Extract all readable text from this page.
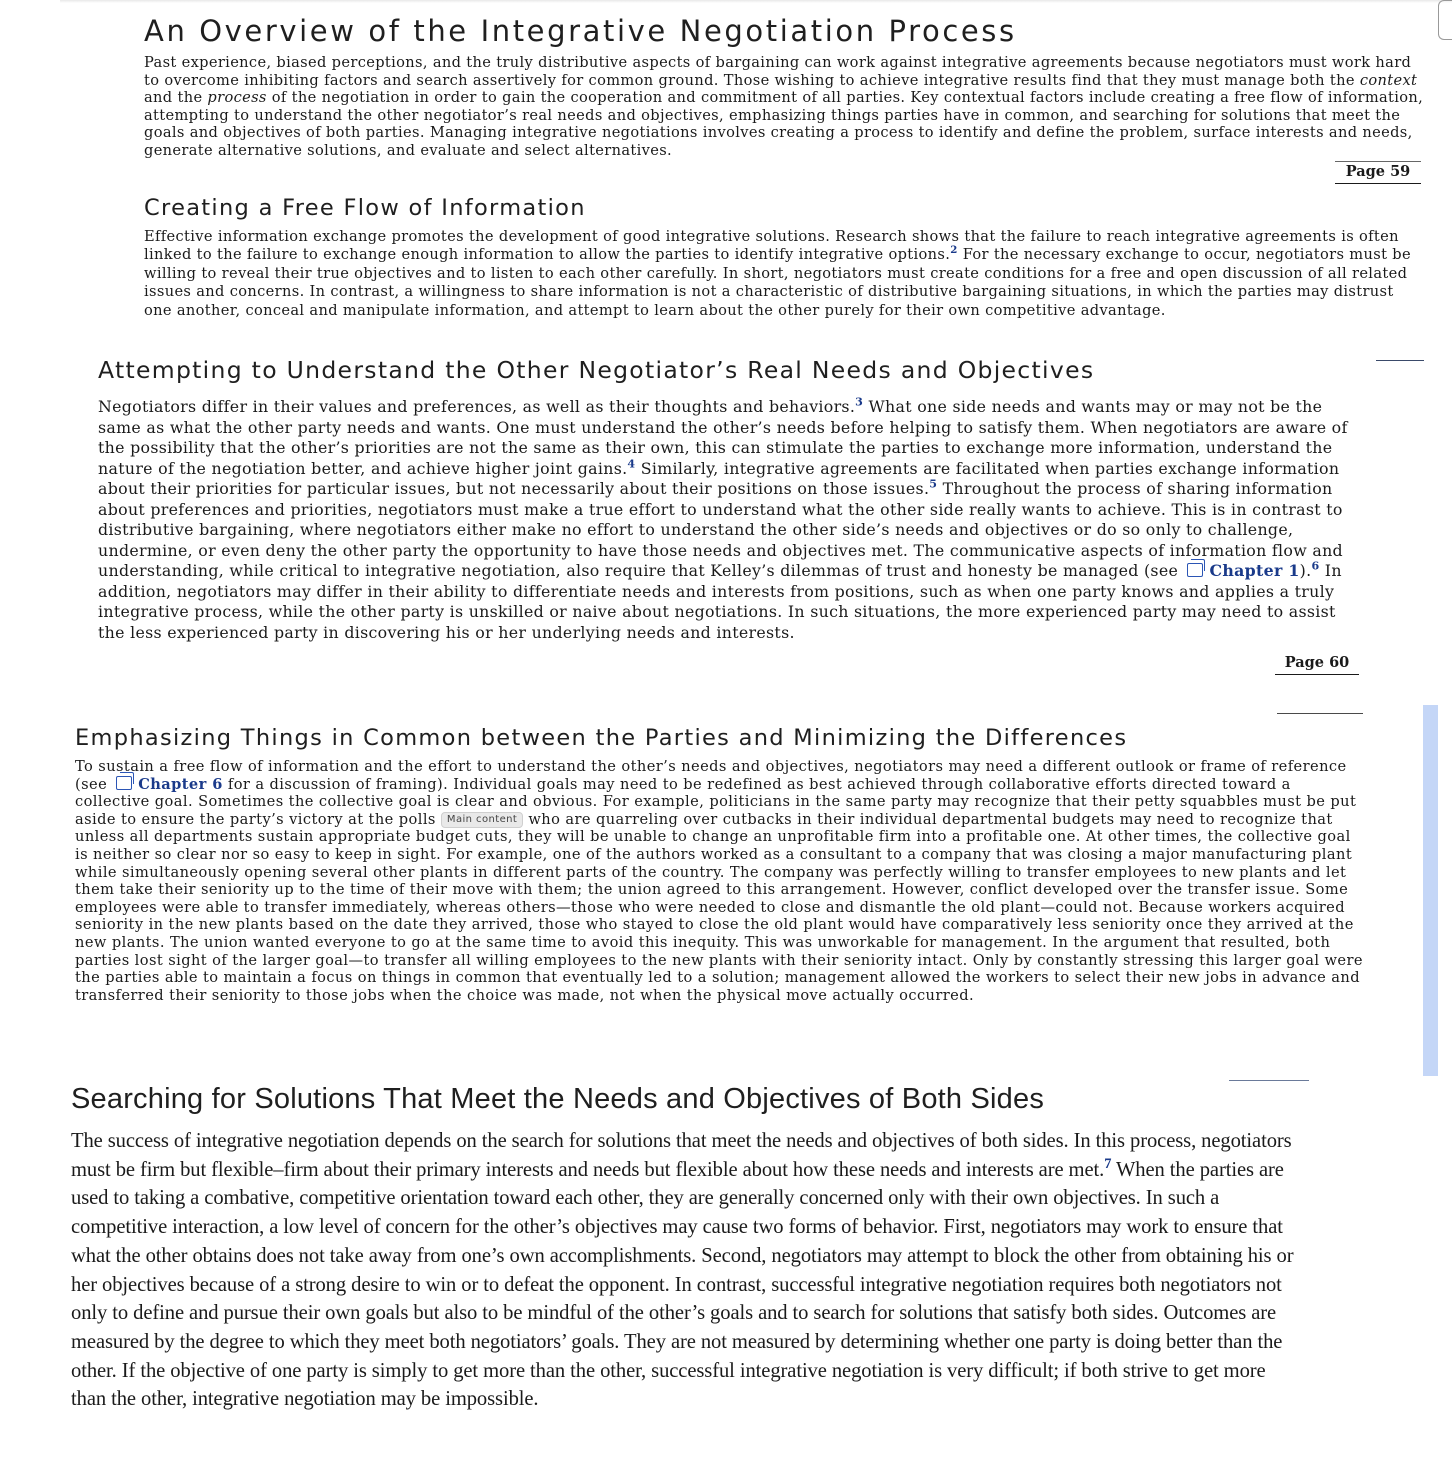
An Overview of the Integrative Negotiation Process

Past experience, biased perceptions, and the truly distributive aspects of bargaining can work against integrative agreements because negotiators must work hard to overcome inhibiting factors and search assertively for common ground. Those wishing to achieve integrative results find that they must manage both the context and the process of the negotiation in order to gain the cooperation and commitment of all parties. Key contextual factors include creating a free flow of information, attempting to understand the other negotiator’s real needs and objectives, emphasizing things parties have in common, and searching for solutions that meet the goals and objectives of both parties. Managing integrative negotiations involves creating a process to identify and define the problem, surface interests and needs, generate alternative solutions, and evaluate and select alternatives.

Page 59
Creating a Free Flow of Information

Effective information exchange promotes the development of good integrative solutions. Research shows that the failure to reach integrative agreements is often linked to the failure to exchange enough information to allow the parties to identify integrative options.$^2$ For the necessary exchange to occur, negotiators must be willing to reveal their true objectives and to listen to each other carefully. In short, negotiators must create conditions for a free and open discussion of all related issues and concerns. In contrast, a willingness to share information is not a characteristic of distributive bargaining situations, in which the parties may distrust one another, conceal and manipulate information, and attempt to learn about the other purely for their own competitive advantage.

Attempting to Understand the Other Negotiator’s Real Needs and Objectives

Negotiators differ in their values and preferences, as well as their thoughts and behaviors.$^3$ What one side needs and wants may or may not be the same as what the other party needs and wants. One must understand the other’s needs before helping to satisfy them. When negotiators are aware of the possibility that the other’s priorities are not the same as their own, this can stimulate the parties to exchange more information, understand the nature of the negotiation better, and achieve higher joint gains.$^4$ Similarly, integrative agreements are facilitated when parties exchange information about their priorities for particular issues, but not necessarily about their positions on those issues.$^5$ Throughout the process of sharing information about preferences and priorities, negotiators must make a true effort to understand what the other side really wants to achieve. This is in contrast to distributive bargaining, where negotiators either make no effort to understand the other side’s needs and objectives or do so only to challenge, undermine, or even deny the other party the opportunity to have those needs and objectives met. The communicative aspects of information flow and understanding, while critical to integrative negotiation, also require that Kelley’s dilemmas of trust and honesty be managed (see Chapter 1).$^6$ In addition, negotiators may differ in their ability to differentiate needs and interests from positions, such as when one party knows and applies a truly integrative process, while the other party is unskilled or naive about negotiations. In such situations, the more experienced party may need to assist the less experienced party in discovering his or her underlying needs and interests.

Page 60
Emphasizing Things in Common between the Parties and Minimizing the Differences

To sustain a free flow of information and the effort to understand the other’s needs and objectives, negotiators may need a different outlook or frame of reference (see Chapter 6 for a discussion of framing). Individual goals may need to be redefined as best achieved through collaborative efforts directed toward a collective goal. Sometimes the collective goal is clear and obvious. For example, politicians in the same party may recognize that their petty squabbles must be put aside to ensure the party’s victory at the polls Main content who are quarreling over cutbacks in their individual departmental budgets may need to recognize that unless all departments sustain appropriate budget cuts, they will be unable to change an unprofitable firm into a profitable one. At other times, the collective goal is neither so clear nor so easy to keep in sight. For example, one of the authors worked as a consultant to a company that was closing a major manufacturing plant while simultaneously opening several other plants in different parts of the country. The company was perfectly willing to transfer employees to new plants and let them take their seniority up to the time of their move with them; the union agreed to this arrangement. However, conflict developed over the transfer issue. Some employees were able to transfer immediately, whereas others—those who were needed to close and dismantle the old plant—could not. Because workers acquired seniority in the new plants based on the date they arrived, those who stayed to close the old plant would have comparatively less seniority once they arrived at the new plants. The union wanted everyone to go at the same time to avoid this inequity. This was unworkable for management. In the argument that resulted, both parties lost sight of the larger goal—to transfer all willing employees to the new plants with their seniority intact. Only by constantly stressing this larger goal were the parties able to maintain a focus on things in common that eventually led to a solution; management allowed the workers to select their new jobs in advance and transferred their seniority to those jobs when the choice was made, not when the physical move actually occurred.

Searching for Solutions That Meet the Needs and Objectives of Both Sides

The success of integrative negotiation depends on the search for solutions that meet the needs and objectives of both sides. In this process, negotiators must be firm but flexible–firm about their primary interests and needs but flexible about how these needs and interests are met.$^7$ When the parties are used to taking a combative, competitive orientation toward each other, they are generally concerned only with their own objectives. In such a competitive interaction, a low level of concern for the other’s objectives may cause two forms of behavior. First, negotiators may work to ensure that what the other obtains does not take away from one’s own accomplishments. Second, negotiators may attempt to block the other from obtaining his or her objectives because of a strong desire to win or to defeat the opponent. In contrast, successful integrative negotiation requires both negotiators not only to define and pursue their own goals but also to be mindful of the other’s goals and to search for solutions that satisfy both sides. Outcomes are measured by the degree to which they meet both negotiators’ goals. They are not measured by determining whether one party is doing better than the other. If the objective of one party is simply to get more than the other, successful integrative negotiation is very difficult; if both strive to get more than the other, integrative negotiation may be impossible.
